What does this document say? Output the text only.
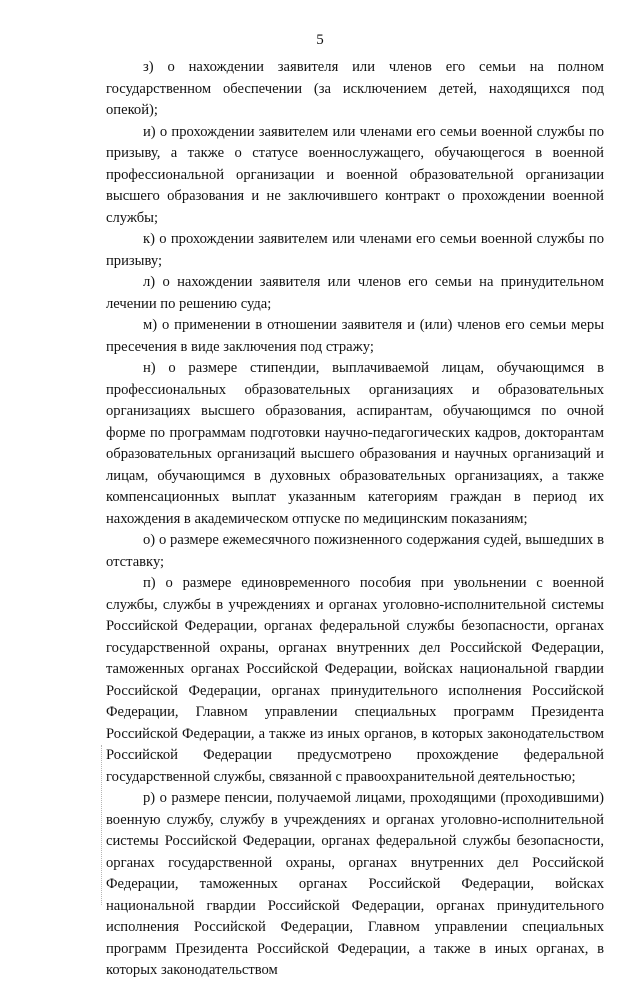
5

з) о нахождении заявителя или членов его семьи на полном государственном обеспечении (за исключением детей, находящихся под опекой);

и) о прохождении заявителем или членами его семьи военной службы по призыву, а также о статусе военнослужащего, обучающегося в военной профессиональной организации и военной образовательной организации высшего образования и не заключившего контракт о прохождении военной службы;

к) о прохождении заявителем или членами его семьи военной службы по призыву;

л) о нахождении заявителя или членов его семьи на принудительном лечении по решению суда;

м) о применении в отношении заявителя и (или) членов его семьи меры пресечения в виде заключения под стражу;

н) о размере стипендии, выплачиваемой лицам, обучающимся в профессиональных образовательных организациях и образовательных организациях высшего образования, аспирантам, обучающимся по очной форме по программам подготовки научно-педагогических кадров, докторантам образовательных организаций высшего образования и научных организаций и лицам, обучающимся в духовных образовательных организациях, а также компенсационных выплат указанным категориям граждан в период их нахождения в академическом отпуске по медицинским показаниям;

о) о размере ежемесячного пожизненного содержания судей, вышедших в отставку;

п) о размере единовременного пособия при увольнении с военной службы, службы в учреждениях и органах уголовно-исполнительной системы Российской Федерации, органах федеральной службы безопасности, органах государственной охраны, органах внутренних дел Российской Федерации, таможенных органах Российской Федерации, войсках национальной гвардии Российской Федерации, органах принудительного исполнения Российской Федерации, Главном управлении специальных программ Президента Российской Федерации, а также из иных органов, в которых законодательством Российской Федерации предусмотрено прохождение федеральной государственной службы, связанной с правоохранительной деятельностью;

р) о размере пенсии, получаемой лицами, проходящими (проходившими) военную службу, службу в учреждениях и органах уголовно-исполнительной системы Российской Федерации, органах федеральной службы безопасности, органах государственной охраны, органах внутренних дел Российской Федерации, таможенных органах Российской Федерации, войсках национальной гвардии Российской Федерации, органах принудительного исполнения Российской Федерации, Главном управлении специальных программ Президента Российской Федерации, а также в иных органах, в которых законодательством
